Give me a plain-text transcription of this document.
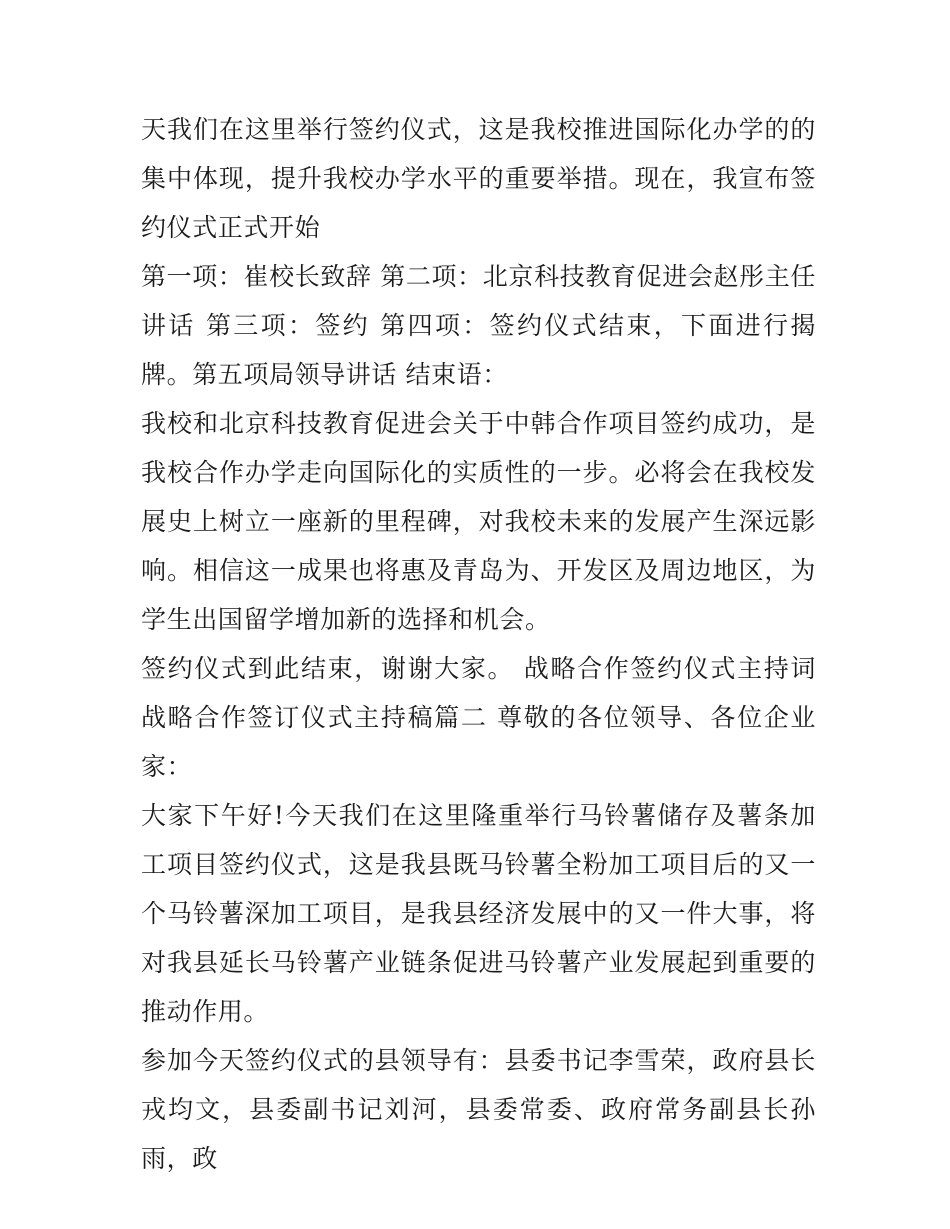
天我们在这里举行签约仪式，这是我校推进国际化办学的的集中体现，提升我校办学水平的重要举措。现在，我宣布签约仪式正式开始

第一项：崔校长致辞 第二项：北京科技教育促进会赵彤主任讲话 第三项：签约 第四项：签约仪式结束，下面进行揭牌。第五项局领导讲话 结束语：

我校和北京科技教育促进会关于中韩合作项目签约成功，是我校合作办学走向国际化的实质性的一步。必将会在我校发展史上树立一座新的里程碑，对我校未来的发展产生深远影响。相信这一成果也将惠及青岛为、开发区及周边地区，为学生出国留学增加新的选择和机会。

签约仪式到此结束，谢谢大家。 战略合作签约仪式主持词 战略合作签订仪式主持稿篇二 尊敬的各位领导、各位企业家：

大家下午好!今天我们在这里隆重举行马铃薯储存及薯条加工项目签约仪式，这是我县既马铃薯全粉加工项目后的又一个马铃薯深加工项目，是我县经济发展中的又一件大事，将对我县延长马铃薯产业链条促进马铃薯产业发展起到重要的推动作用。

参加今天签约仪式的县领导有：县委书记李雪荣，政府县长戎均文，县委副书记刘河，县委常委、政府常务副县长孙雨，政
